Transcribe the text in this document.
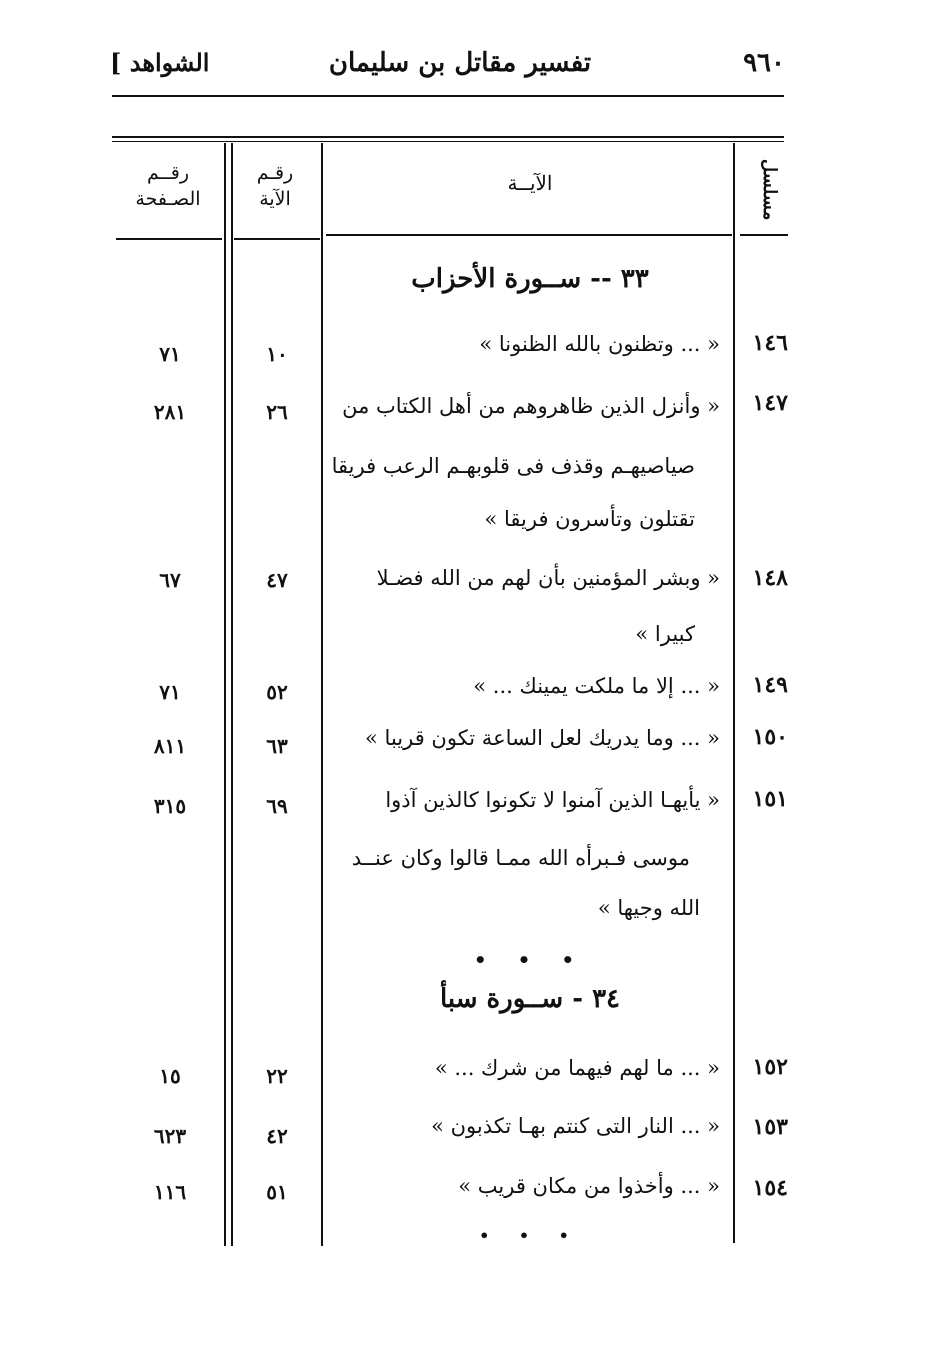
٩٦٠
تفسير مقاتل بن سليمان
[ الشواهد
مسلسل
الآيــة
رقـم الآية
رقــم الصـفحة
٣٣ -- ســورة الأحزاب
١٤٦
« ... وتظنون بالله الظنونا »
١٠
٧١
١٤٧
« وأنزل الذين ظاهروهم من أهل الكتاب من
صياصيهـم وقذف فى قلوبهـم الرعب فريقا
تقتلون وتأسرون فريقا »
٢٦
٢٨١
١٤٨
« وبشر المؤمنين بأن لهم من الله فضـلا
كبيرا »
٤٧
٦٧
١٤٩
« ... إلا ما ملكت يمينك ... »
٥٢
٧١
١٥٠
« ... وما يدريك لعل الساعة تكون قريبا »
٦٣
٨١١
١٥١
« يأيهـا الذين آمنوا لا تكونوا كالذين آذوا
موسى فـبرأه الله ممـا قالوا وكان عنــد
الله وجيها »
٦٩
٣١٥
• • •
٣٤ - ســورة سبأ
١٥٢
« ... ما لهم فيهما من شرك ... »
٢٢
١٥
١٥٣
« ... النار التى كنتم بهـا تكذبون »
٤٢
٦٢٣
١٥٤
« ... وأخذوا من مكان قريب »
٥١
١١٦
• • •
